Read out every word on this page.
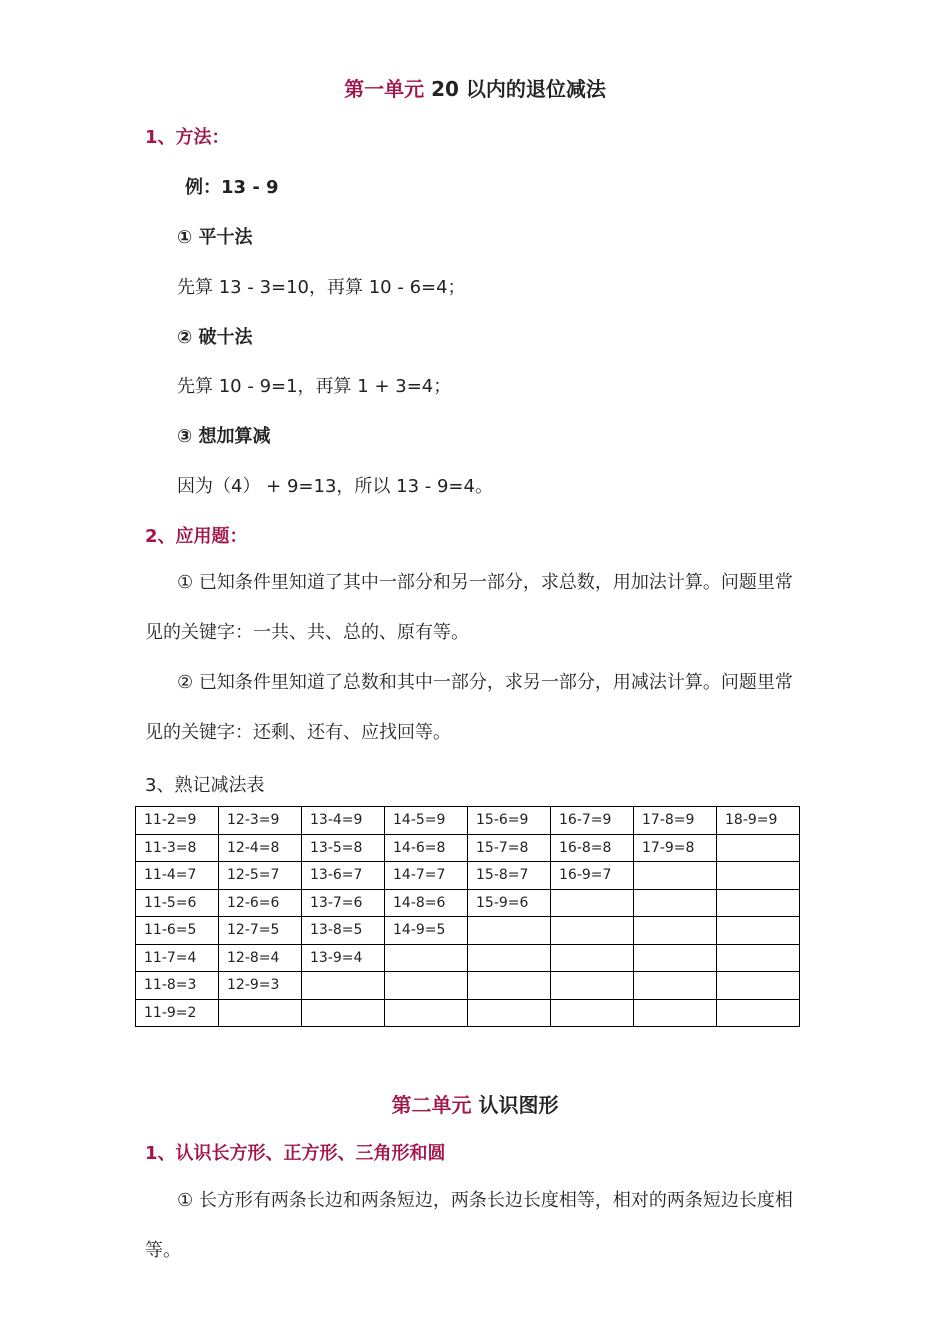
第一单元 20 以内的退位减法
1、方法：
例：13 - 9
① 平十法
先算 13 - 3=10，再算 10 - 6=4；
② 破十法
先算 10 - 9=1，再算 1 + 3=4；
③ 想加算减
因为（4） + 9=13，所以 13 - 9=4。
2、应用题：
① 已知条件里知道了其中一部分和另一部分，求总数，用加法计算。问题里常见的关键字：一共、共、总的、原有等。
② 已知条件里知道了总数和其中一部分，求另一部分，用减法计算。问题里常见的关键字：还剩、还有、应找回等。
3、熟记减法表
11-2=9	12-3=9	13-4=9	14-5=9	15-6=9	16-7=9	17-8=9	18-9=9
11-3=8	12-4=8	13-5=8	14-6=8	15-7=8	16-8=8	17-9=8	
11-4=7	12-5=7	13-6=7	14-7=7	15-8=7	16-9=7		
11-5=6	12-6=6	13-7=6	14-8=6	15-9=6			
11-6=5	12-7=5	13-8=5	14-9=5				
11-7=4	12-8=4	13-9=4					
11-8=3	12-9=3						
11-9=2							
第二单元 认识图形
1、认识长方形、正方形、三角形和圆
① 长方形有两条长边和两条短边，两条长边长度相等，相对的两条短边长度相等。
